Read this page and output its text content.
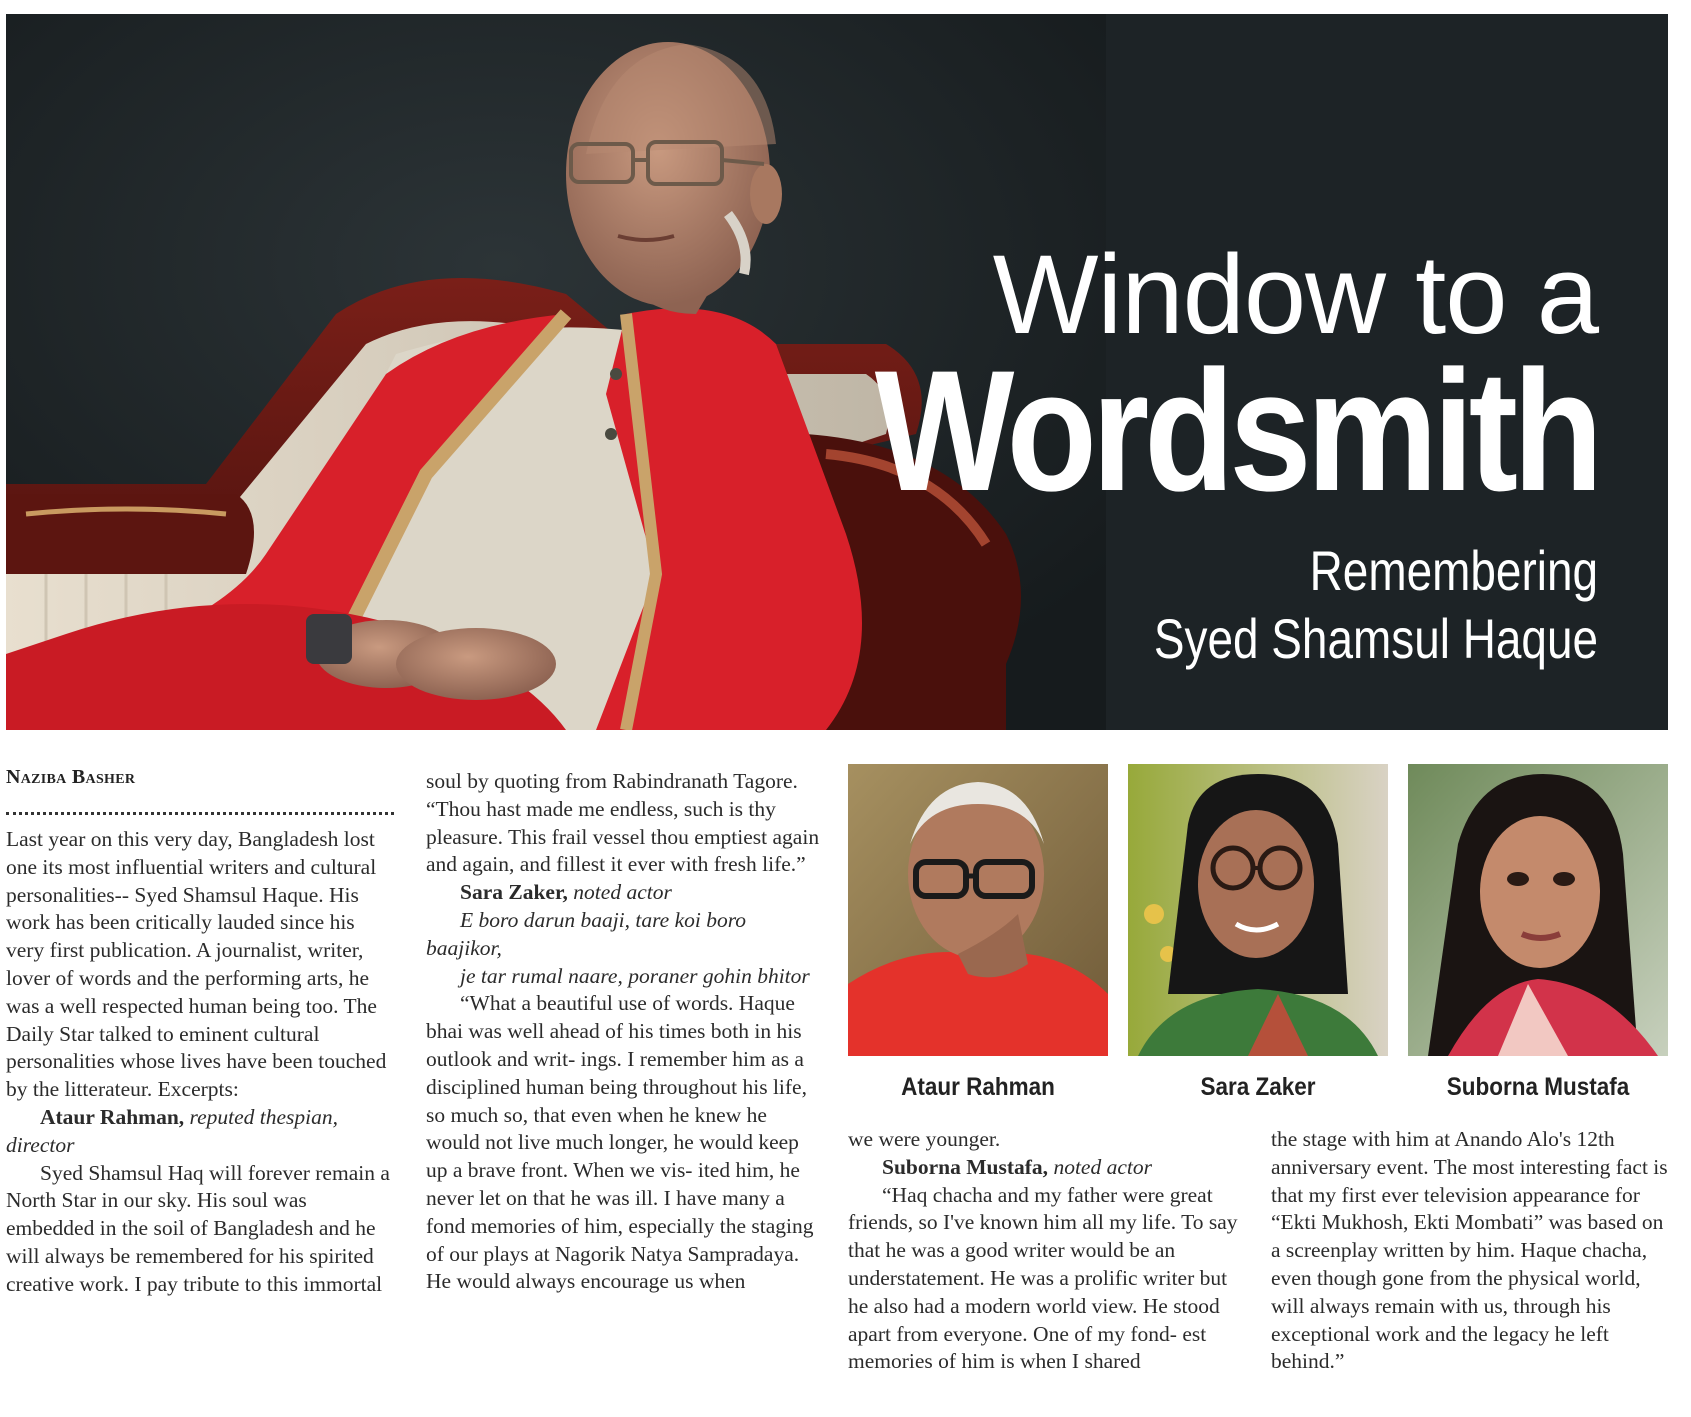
Window to a
Wordsmith
Remembering
Syed Shamsul Haque
Naziba Basher

Last year on this very day, Bangladesh lost one its most influential writers and cultural personalities-- Syed Shamsul Haque. His work has been critically lauded since his very first publication. A journalist, writer, lover of words and the performing arts, he was a well respected human being too. The Daily Star talked to eminent cultural personalities whose lives have been touched by the litterateur. Excerpts:

Ataur Rahman, reputed thespian, director

Syed Shamsul Haq will forever remain a North Star in our sky. His soul was embedded in the soil of Bangladesh and he will always be remembered for his spirited creative work. I pay tribute to this immortal

soul by quoting from Rabindranath Tagore. “Thou hast made me endless, such is thy pleasure. This frail vessel thou emptiest again and again, and fillest it ever with fresh life.”

Sara Zaker, noted actor

E boro darun baaji, tare koi boro baajikor,

je tar rumal naare, poraner gohin bhitor

“What a beautiful use of words. Haque bhai was well ahead of his times both in his outlook and writ- ings. I remember him as a disciplined human being throughout his life, so much so, that even when he knew he would not live much longer, he would keep up a brave front. When we vis- ited him, he never let on that he was ill. I have many a fond memories of him, especially the staging of our plays at Nagorik Natya Sampradaya. He would always encourage us when

Ataur Rahman	Sara Zaker	Suborna Mustafa

we were younger.

Suborna Mustafa, noted actor

“Haq chacha and my father were great friends, so I've known him all my life. To say that he was a good writer would be an understatement. He was a prolific writer but he also had a modern world view. He stood apart from everyone. One of my fond- est memories of him is when I shared

the stage with him at Anando Alo's 12th anniversary event. The most interesting fact is that my first ever television appearance for “Ekti Mukhosh, Ekti Mombati” was based on a screenplay written by him. Haque chacha, even though gone from the physical world, will always remain with us, through his exceptional work and the legacy he left behind.”
